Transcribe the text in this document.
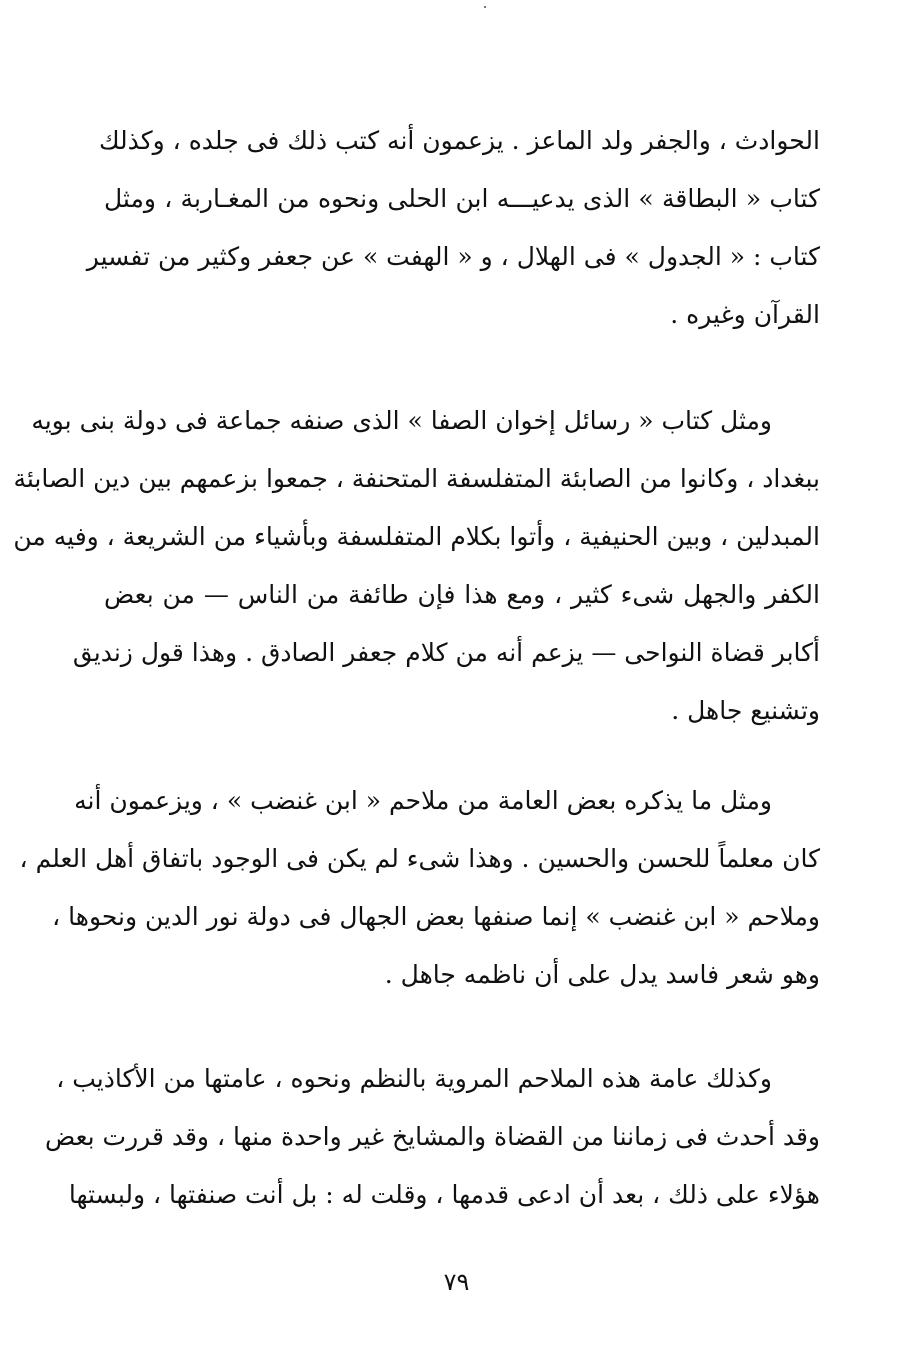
الحوادث ، والجفر ولد الماعز . يزعمون أنه كتب ذلك فى جلده ، وكذلك
كتاب « البطاقة » الذى يدعيـــه ابن الحلى ونحوه من المغـاربة ، ومثل
كتاب : « الجدول » فى الهلال ، و « الهفت » عن جعفر وكثير من تفسير
القرآن وغيره .
ومثل كتاب « رسائل إخوان الصفا » الذى صنفه جماعة فى دولة بنى بويه
ببغداد ، وكانوا من الصابئة المتفلسفة المتحنفة ، جمعوا بزعمهم بين دين الصابئة
المبدلين ، وبين الحنيفية ، وأتوا بكلام المتفلسفة وبأشياء من الشريعة ، وفيه من
الكفر والجهل شىء كثير ، ومع هذا فإن طائفة من الناس — من بعض
أكابر قضاة النواحى — يزعم أنه من كلام جعفر الصادق . وهذا قول زنديق
وتشنيع جاهل .
ومثل ما يذكره بعض العامة من ملاحم « ابن غنضب » ، ويزعمون أنه
كان معلماً للحسن والحسين . وهذا شىء لم يكن فى الوجود باتفاق أهل العلم ،
وملاحم « ابن غنضب » إنما صنفها بعض الجهال فى دولة نور الدين ونحوها ،
وهو شعر فاسد يدل على أن ناظمه جاهل .
وكذلك عامة هذه الملاحم المروية بالنظم ونحوه ، عامتها من الأكاذيب ،
وقد أحدث فى زماننا من القضاة والمشايخ غير واحدة منها ، وقد قررت بعض
هؤلاء على ذلك ، بعد أن ادعى قدمها ، وقلت له : بل أنت صنفتها ، ولبستها
٧٩
